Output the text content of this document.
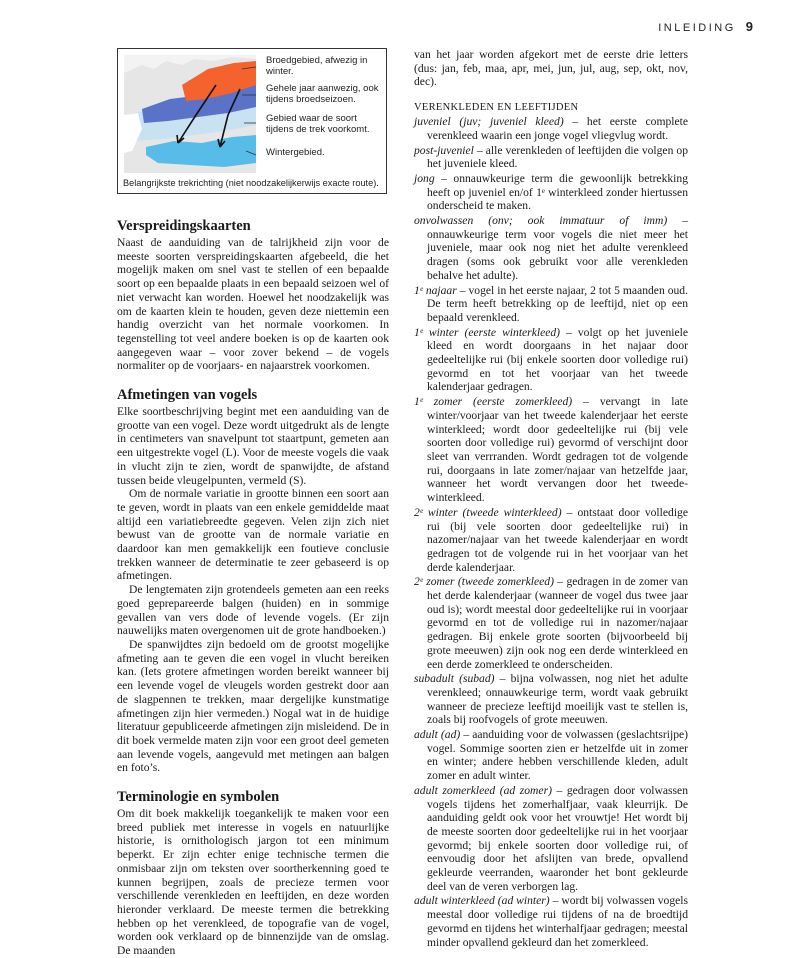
INLEIDING 9
Broedgebied, afwezig in winter.
Gehele jaar aanwezig, ook tijdens broedseizoen.
Gebied waar de soort tijdens de trek voorkomt.
Wintergebied.
Belangrijkste trekrichting (niet noodzakelijkerwijs exacte route).
Verspreidingskaarten

Naast de aanduiding van de talrijkheid zijn voor de meeste soorten verspreidingskaarten afgebeeld, die het mogelijk maken om snel vast te stellen of een bepaalde soort op een bepaalde plaats in een bepaald seizoen wel of niet verwacht kan worden. Hoewel het noodzakelijk was om de kaarten klein te houden, geven deze niettemin een handig overzicht van het normale voorkomen. In tegenstelling tot veel andere boeken is op de kaarten ook aangegeven waar – voor zover bekend – de vogels normaliter op de voorjaars- en najaarstrek voorkomen.

Afmetingen van vogels

Elke soortbeschrijving begint met een aanduiding van de grootte van een vogel. Deze wordt uitgedrukt als de lengte in centimeters van snavelpunt tot staartpunt, gemeten aan een uitgestrekte vogel (L). Voor de meeste vogels die vaak in vlucht zijn te zien, wordt de spanwijdte, de afstand tussen beide vleugelpunten, vermeld (S).

Om de normale variatie in grootte binnen een soort aan te geven, wordt in plaats van een enkele gemiddelde maat altijd een variatiebreedte gegeven. Velen zijn zich niet bewust van de grootte van de normale variatie en daardoor kan men gemakkelijk een foutieve conclusie trekken wanneer de determinatie te zeer gebaseerd is op afmetingen.

De lengtematen zijn grotendeels gemeten aan een reeks goed geprepareerde balgen (huiden) en in sommige gevallen van vers dode of levende vogels. (Er zijn nauwelijks maten overgenomen uit de grote handboeken.)

De spanwijdtes zijn bedoeld om de grootst mogelijke afmeting aan te geven die een vogel in vlucht bereiken kan. (Iets grotere afmetingen worden bereikt wanneer bij een levende vogel de vleugels worden gestrekt door aan de slagpennen te trekken, maar dergelijke kunstmatige afmetingen zijn hier vermeden.) Nogal wat in de huidige literatuur gepubliceerde afmetingen zijn misleidend. De in dit boek vermelde maten zijn voor een groot deel gemeten aan levende vogels, aangevuld met metingen aan balgen en foto’s.

Terminologie en symbolen

Om dit boek makkelijk toegankelijk te maken voor een breed publiek met interesse in vogels en natuurlijke historie, is ornithologisch jargon tot een minimum beperkt. Er zijn echter enige technische termen die onmisbaar zijn om teksten over soortherkenning goed te kunnen begrijpen, zoals de precieze termen voor verschillende verenkleden en leeftijden, en deze worden hieronder verklaard. De meeste termen die betrekking hebben op het verenkleed, de topografie van de vogel, worden ook verklaard op de binnenzijde van de omslag. De maanden

van het jaar worden afgekort met de eerste drie letters (dus: jan, feb, maa, apr, mei, jun, jul, aug, sep, okt, nov, dec).

VERENKLEDEN EN LEEFTIJDEN

juveniel (juv; juveniel kleed) – het eerste complete verenkleed waarin een jonge vogel vliegvlug wordt.

post-juveniel – alle verenkleden of leeftijden die volgen op het juveniele kleed.

jong – onnauwkeurige term die gewoonlijk betrekking heeft op juveniel en/of 1ᵉ winterkleed zonder hiertussen onderscheid te maken.

onvolwassen (onv; ook immatuur of imm) – onnauwkeurige term voor vogels die niet meer het juveniele, maar ook nog niet het adulte verenkleed dragen (soms ook gebruikt voor alle verenkleden behalve het adulte).

1ᵉ najaar – vogel in het eerste najaar, 2 tot 5 maanden oud. De term heeft betrekking op de leeftijd, niet op een bepaald verenkleed.

1ᵉ winter (eerste winterkleed) – volgt op het juveniele kleed en wordt doorgaans in het najaar door gedeeltelijke rui (bij enkele soorten door volledige rui) gevormd en tot het voorjaar van het tweede kalenderjaar gedragen.

1ᵉ zomer (eerste zomerkleed) – vervangt in late winter/voorjaar van het tweede kalenderjaar het eerste winterkleed; wordt door gedeeltelijke rui (bij vele soorten door volledige rui) gevormd of verschijnt door sleet van verrranden. Wordt gedragen tot de volgende rui, doorgaans in late zomer/najaar van hetzelfde jaar, wanneer het wordt vervangen door het tweede-winterkleed.

2ᵉ winter (tweede winterkleed) – ontstaat door volledige rui (bij vele soorten door gedeeltelijke rui) in nazomer/najaar van het tweede kalenderjaar en wordt gedragen tot de volgende rui in het voorjaar van het derde kalenderjaar.

2ᵉ zomer (tweede zomerkleed) – gedragen in de zomer van het derde kalenderjaar (wanneer de vogel dus twee jaar oud is); wordt meestal door gedeeltelijke rui in voorjaar gevormd en tot de volledige rui in nazomer/najaar gedragen. Bij enkele grote soorten (bijvoorbeeld bij grote meeuwen) zijn ook nog een derde winterkleed en een derde zomerkleed te onderscheiden.

subadult (subad) – bijna volwassen, nog niet het adulte verenkleed; onnauwkeurige term, wordt vaak gebruikt wanneer de precieze leeftijd moeilijk vast te stellen is, zoals bij roofvogels of grote meeuwen.

adult (ad) – aanduiding voor de volwassen (geslachtsrijpe) vogel. Sommige soorten zien er hetzelfde uit in zomer en winter; andere hebben verschillende kleden, adult zomer en adult winter.

adult zomerkleed (ad zomer) – gedragen door volwassen vogels tijdens het zomerhalfjaar, vaak kleurrijk. De aanduiding geldt ook voor het vrouwtje! Het wordt bij de meeste soorten door gedeeltelijke rui in het voorjaar gevormd; bij enkele soorten door volledige rui, of eenvoudig door het afslijten van brede, opvallend gekleurde veerranden, waaronder het bont gekleurde deel van de veren verborgen lag.

adult winterkleed (ad winter) – wordt bij volwassen vogels meestal door volledige rui tijdens of na de broedtijd gevormd en tijdens het winterhalfjaar gedragen; meestal minder opvallend gekleurd dan het zomerkleed.
